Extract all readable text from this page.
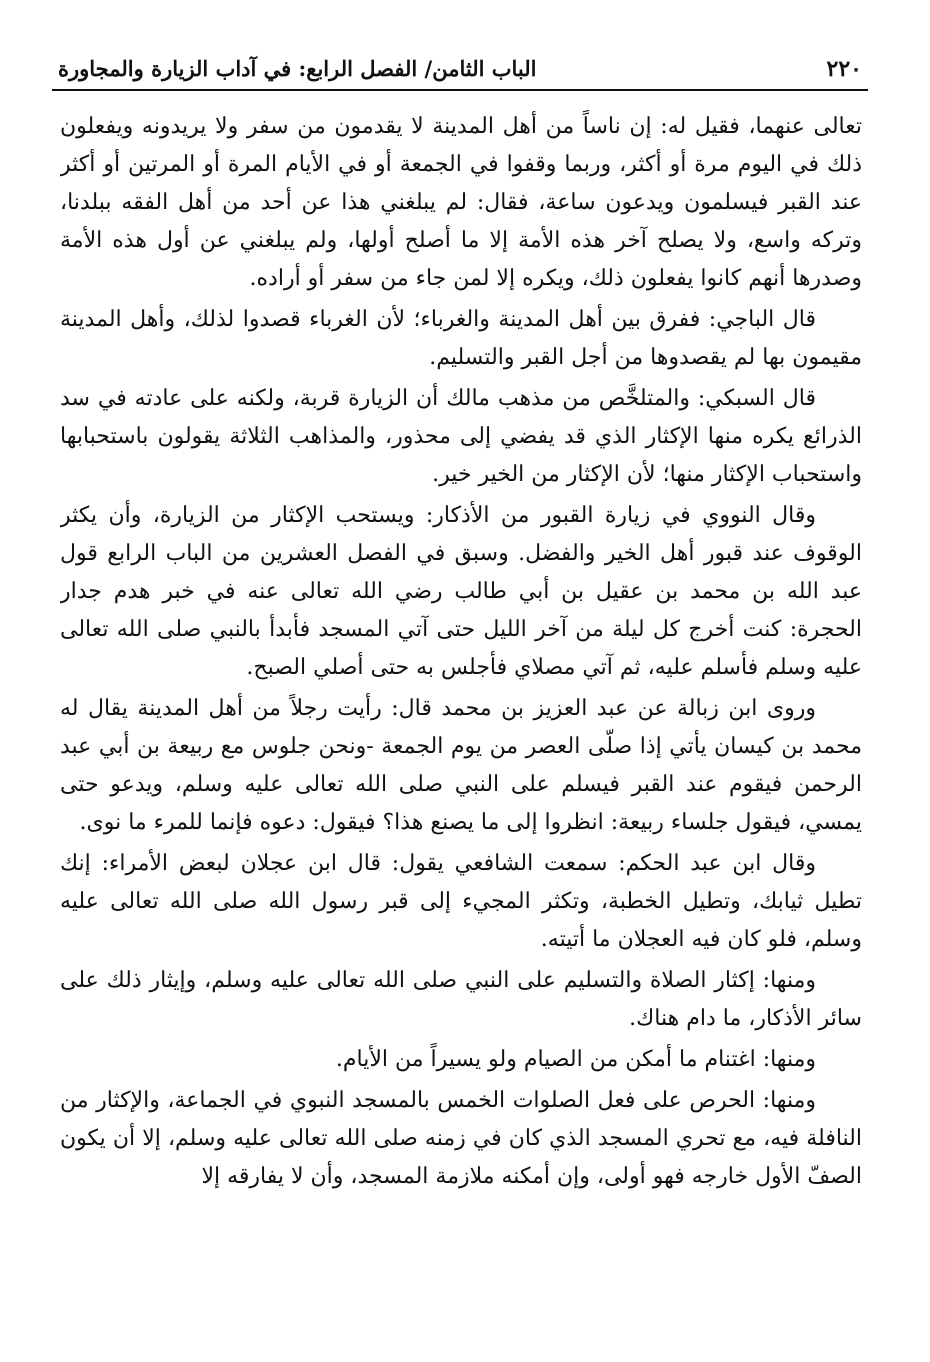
٢٢٠
الباب الثامن/ الفصل الرابع: في آداب الزيارة والمجاورة

تعالى عنهما، فقيل له: إن ناساً من أهل المدينة لا يقدمون من سفر ولا يريدونه ويفعلون ذلك في اليوم مرة أو أكثر، وربما وقفوا في الجمعة أو في الأيام المرة أو المرتين أو أكثر عند القبر فيسلمون ويدعون ساعة، فقال: لم يبلغني هذا عن أحد من أهل الفقه ببلدنا، وتركه واسع، ولا يصلح آخر هذه الأمة إلا ما أصلح أولها، ولم يبلغني عن أول هذه الأمة وصدرها أنهم كانوا يفعلون ذلك، ويكره إلا لمن جاء من سفر أو أراده.

قال الباجي: ففرق بين أهل المدينة والغرباء؛ لأن الغرباء قصدوا لذلك، وأهل المدينة مقيمون بها لم يقصدوها من أجل القبر والتسليم.

قال السبكي: والمتلخَّص من مذهب مالك أن الزيارة قربة، ولكنه على عادته في سد الذرائع يكره منها الإكثار الذي قد يفضي إلى محذور، والمذاهب الثلاثة يقولون باستحبابها واستحباب الإكثار منها؛ لأن الإكثار من الخير خير.

وقال النووي في زيارة القبور من الأذكار: ويستحب الإكثار من الزيارة، وأن يكثر الوقوف عند قبور أهل الخير والفضل. وسبق في الفصل العشرين من الباب الرابع قول عبد الله بن محمد بن عقيل بن أبي طالب رضي الله تعالى عنه في خبر هدم جدار الحجرة: كنت أخرج كل ليلة من آخر الليل حتى آتي المسجد فأبدأ بالنبي صلى الله تعالى عليه وسلم فأسلم عليه، ثم آتي مصلاي فأجلس به حتى أصلي الصبح.

وروى ابن زبالة عن عبد العزيز بن محمد قال: رأيت رجلاً من أهل المدينة يقال له محمد بن كيسان يأتي إذا صلّى العصر من يوم الجمعة -ونحن جلوس مع ربيعة بن أبي عبد الرحمن فيقوم عند القبر فيسلم على النبي صلى الله تعالى عليه وسلم، ويدعو حتى يمسي، فيقول جلساء ربيعة: انظروا إلى ما يصنع هذا؟ فيقول: دعوه فإنما للمرء ما نوى.

وقال ابن عبد الحكم: سمعت الشافعي يقول: قال ابن عجلان لبعض الأمراء: إنك تطيل ثيابك، وتطيل الخطبة، وتكثر المجيء إلى قبر رسول الله صلى الله تعالى عليه وسلم، فلو كان فيه العجلان ما أتيته.

ومنها: إكثار الصلاة والتسليم على النبي صلى الله تعالى عليه وسلم، وإيثار ذلك على سائر الأذكار، ما دام هناك.

ومنها: اغتنام ما أمكن من الصيام ولو يسيراً من الأيام.

ومنها: الحرص على فعل الصلوات الخمس بالمسجد النبوي في الجماعة، والإكثار من النافلة فيه، مع تحري المسجد الذي كان في زمنه صلى الله تعالى عليه وسلم، إلا أن يكون الصفّ الأول خارجه فهو أولى، وإن أمكنه ملازمة المسجد، وأن لا يفارقه إلا
